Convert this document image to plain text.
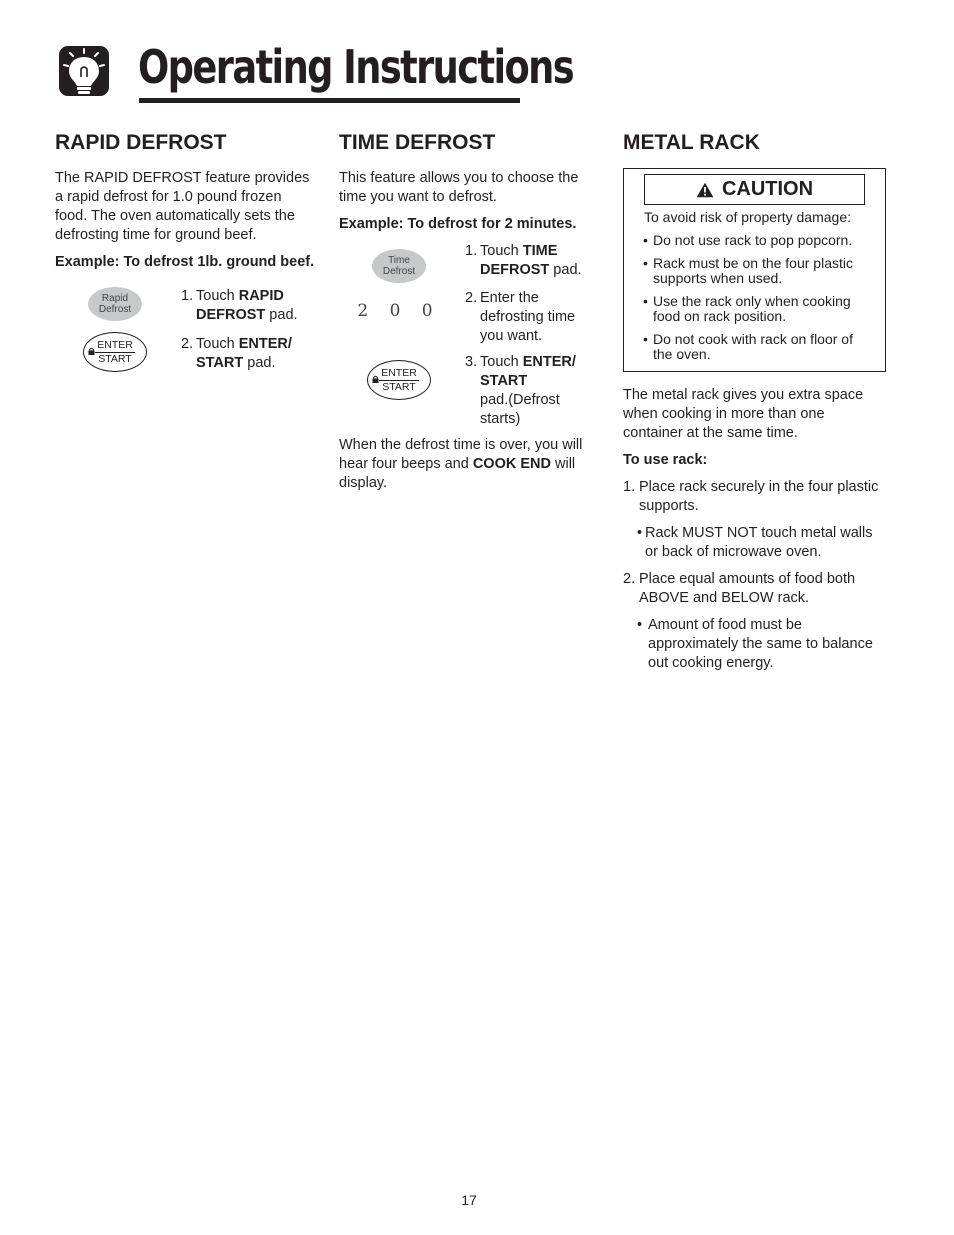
Operating Instructions
RAPID DEFROST

The RAPID DEFROST feature provides a rapid defrost for 1.0 pound frozen food. The oven automatically sets the defrosting time for ground beef.

Example: To defrost 1lb. ground beef.

Rapid
Defrost
1. Touch RAPID
DEFROST pad.
ENTER
START
2. Touch ENTER/
START pad.
TIME DEFROST

This feature allows you to choose the time you want to defrost.

Example: To defrost for 2 minutes.

Time
Defrost
1. Touch TIME
DEFROST pad.
2 0 0
2. Enter the
defrosting time
you want.
ENTER
START
3. Touch ENTER/
START
pad.(Defrost
starts)

When the defrost time is over, you will hear four beeps and COOK END will display.

METAL RACK
CAUTION
To avoid risk of property damage:
• Do not use rack to pop popcorn.
• Rack must be on the four plastic supports when used.
• Use the rack only when cooking food on rack position.
• Do not cook with rack on floor of the oven.

The metal rack gives you extra space when cooking in more than one container at the same time.

To use rack:

1. Place rack securely in the four plastic supports.
• Rack MUST NOT touch metal walls or back of microwave oven.
2. Place equal amounts of food both ABOVE and BELOW rack.
• Amount of food must be approximately the same to balance out cooking energy.
17
